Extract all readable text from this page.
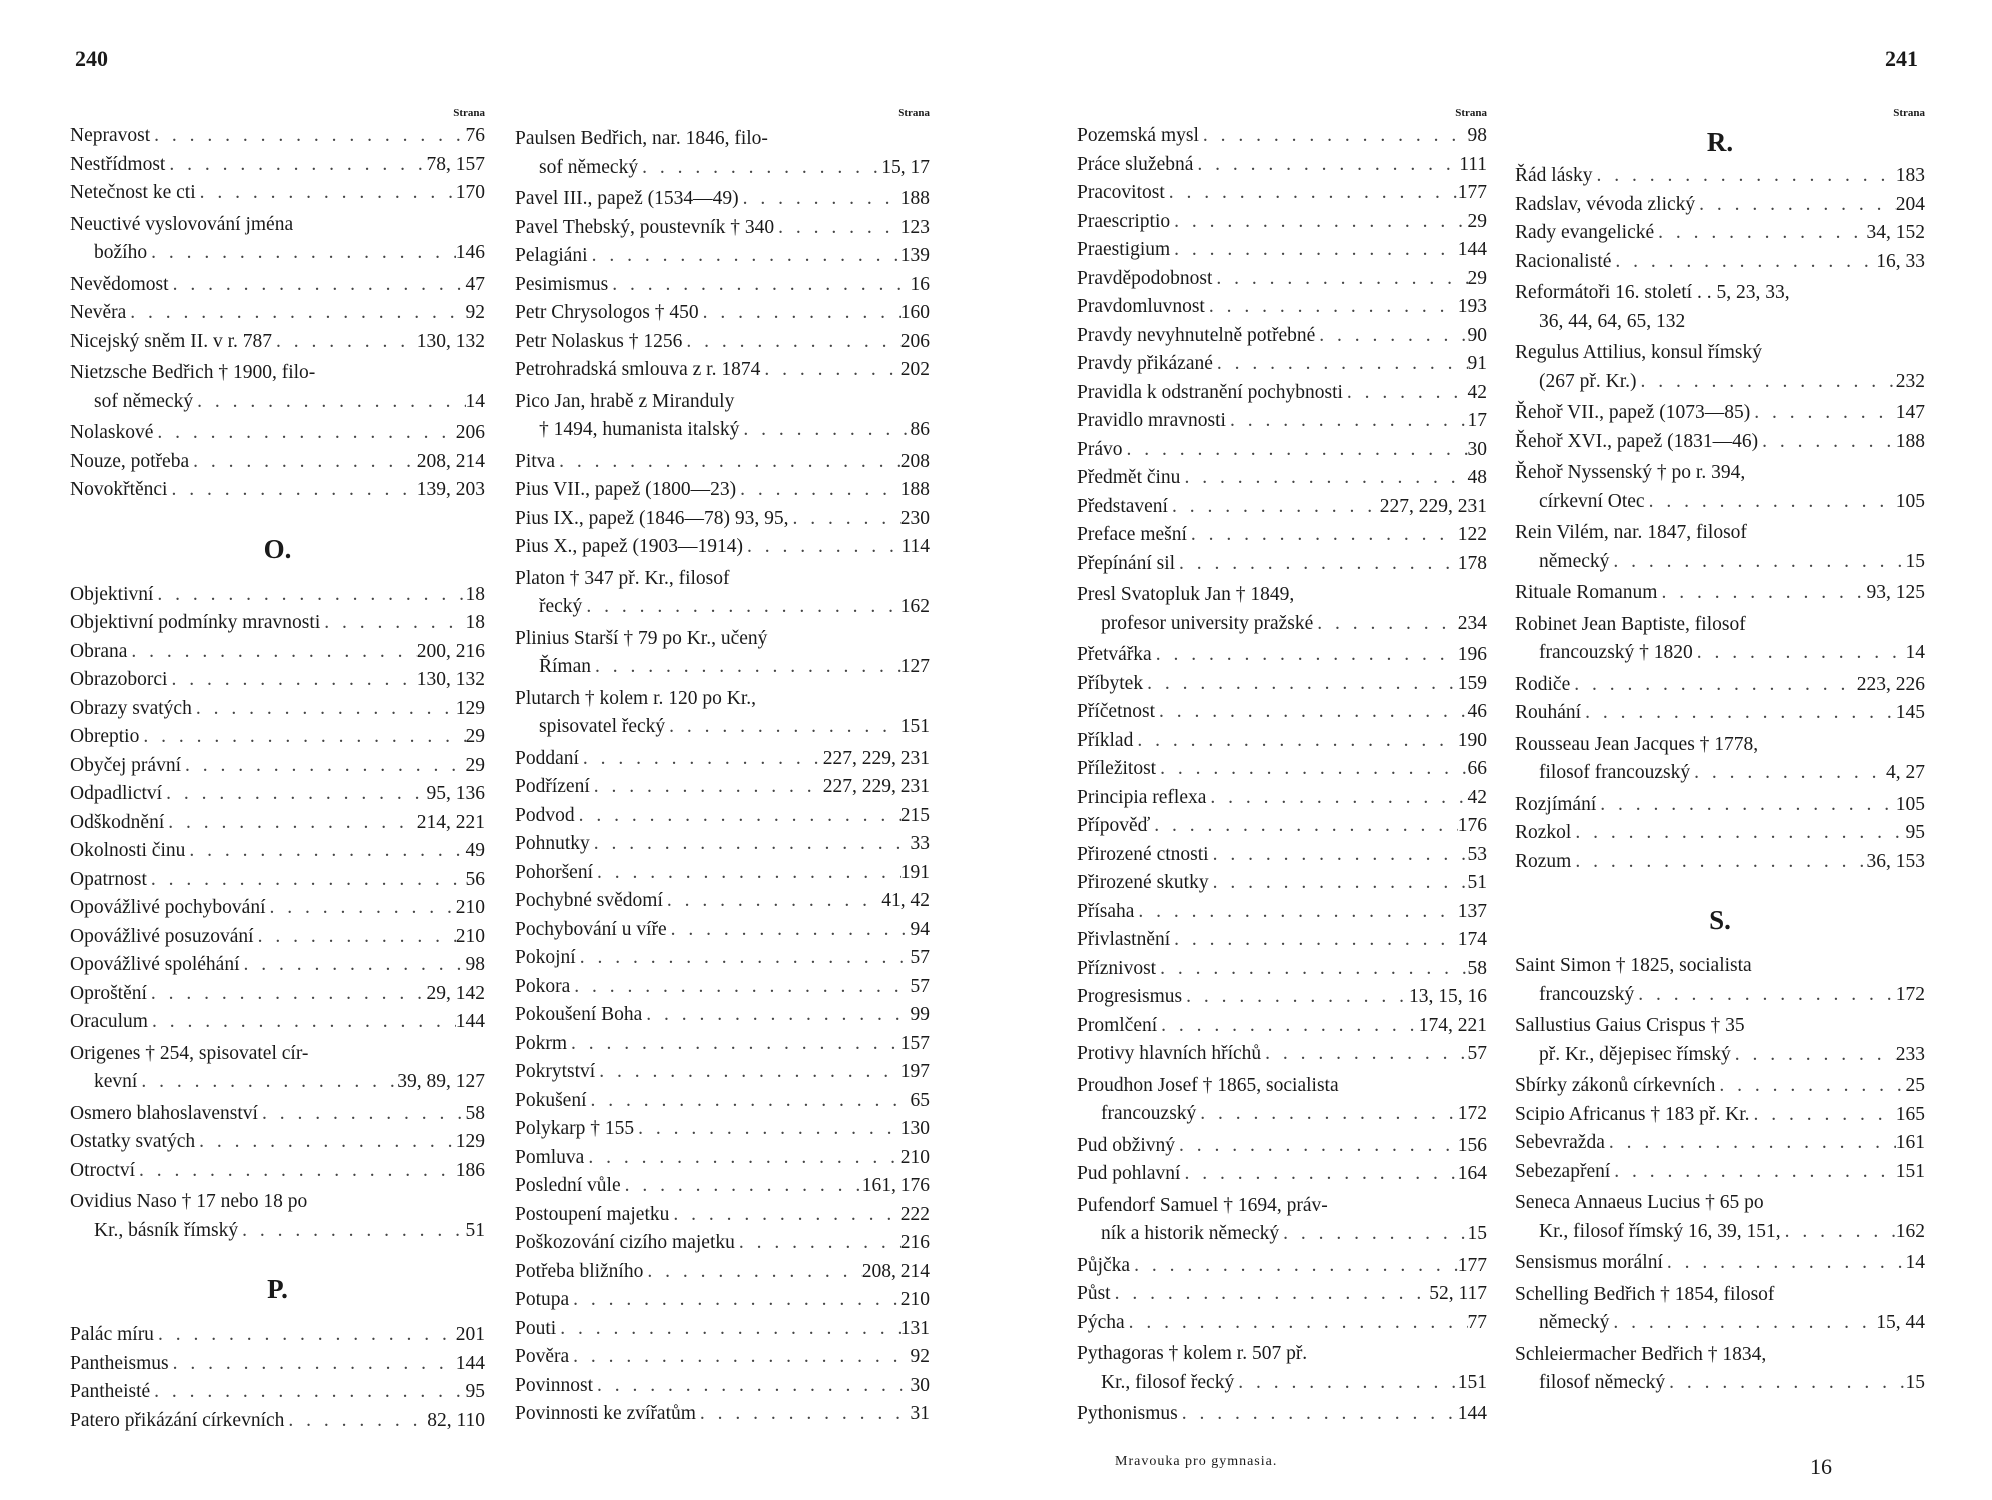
240	241
Strana
Nepravost . . .	76
Nestřídmost . . .	78, 157
Netečnost ke cti . . .	170
Neuctivé vyslovování jména
božího . . .	146
Nevědomost . . .	47
Nevěra . . .	92
Nicejský sněm II. v r. 787 . . .	130, 132
Nietzsche Bedřich † 1900, filo-
sof německý . . .	14
Nolaskové . . .	206
Nouze, potřeba . . .	208, 214
Novokřtěnci . . .	139, 203
O.
Objektivní . . .	18
Objektivní podmínky mravnosti . . .	18
Obrana . . .	200, 216
Obrazoborci . . .	130, 132
Obrazy svatých . . .	129
Obreptio . . .	29
Obyčej právní . . .	29
Odpadlictví . . .	95, 136
Odškodnění . . .	214, 221
Okolnosti činu . . .	49
Opatrnost . . .	56
Opovážlivé pochybování . . .	210
Opovážlivé posuzování . . .	210
Opovážlivé spoléhání . . .	98
Oproštění . . .	29, 142
Oraculum . . .	144
Origenes † 254, spisovatel cír-
kevní . . .	39, 89, 127
Osmero blahoslavenství . . .	58
Ostatky svatých . . .	129
Otroctví . . .	186
Ovidius Naso † 17 nebo 18 po
Kr., básník římský . . .	51
P.
Palác míru . . .	201
Pantheismus . . .	144
Pantheisté . . .	95
Patero přikázání církevních . . .	82, 110
Strana
Paulsen Bedřich, nar. 1846, filo-
sof německý . . .	15, 17
Pavel III., papež (1534—49) . . .	188
Pavel Thebský, poustevník † 340 . . .	123
Pelagiáni . . .	139
Pesimismus . . .	16
Petr Chrysologos † 450 . . .	160
Petr Nolaskus † 1256 . . .	206
Petrohradská smlouva z r. 1874 . . .	202
Pico Jan, hrabě z Miranduly
† 1494, humanista italský . . .	86
Pitva . . .	208
Pius VII., papež (1800—23) . . .	188
Pius IX., papež (1846—78) 93, 95, . . .	230
Pius X., papež (1903—1914) . . .	114
Platon † 347 př. Kr., filosof
řecký . . .	162
Plinius Starší † 79 po Kr., učený
Říman . . .	127
Plutarch † kolem r. 120 po Kr.,
spisovatel řecký . . .	151
Poddaní . . .	227, 229, 231
Podřízení . . .	227, 229, 231
Podvod . . .	215
Pohnutky . . .	33
Pohoršení . . .	191
Pochybné svědomí . . .	41, 42
Pochybování u víře . . .	94
Pokojní . . .	57
Pokora . . .	57
Pokoušení Boha . . .	99
Pokrm . . .	157
Pokrytství . . .	197
Pokušení . . .	65
Polykarp † 155 . . .	130
Pomluva . . .	210
Poslední vůle . . .	161, 176
Postoupení majetku . . .	222
Poškozování cizího majetku . . .	216
Potřeba bližního . . .	208, 214
Potupa . . .	210
Pouti . . .	131
Pověra . . .	92
Povinnost . . .	30
Povinnosti ke zvířatům . . .	31
Strana
Pozemská mysl . . .	98
Práce služebná . . .	111
Pracovitost . . .	177
Praescriptio . . .	29
Praestigium . . .	144
Pravděpodobnost . . .	29
Pravdomluvnost . . .	193
Pravdy nevyhnutelně potřebné . . .	90
Pravdy přikázané . . .	91
Pravidla k odstranění pochybnosti . . .	42
Pravidlo mravnosti . . .	17
Právo . . .	30
Předmět činu . . .	48
Představení . . .	227, 229, 231
Preface mešní . . .	122
Přepínání sil . . .	178
Presl Svatopluk Jan † 1849,
profesor university pražské . . .	234
Přetvářka . . .	196
Příbytek . . .	159
Příčetnost . . .	46
Příklad . . .	190
Příležitost . . .	66
Principia reflexa . . .	42
Přípověď . . .	176
Přirozené ctnosti . . .	53
Přirozené skutky . . .	51
Přísaha . . .	137
Přivlastnění . . .	174
Příznivost . . .	58
Progresismus . . .	13, 15, 16
Promlčení . . .	174, 221
Protivy hlavních hříchů . . .	57
Proudhon Josef † 1865, socialista
francouzský . . .	172
Pud obživný . . .	156
Pud pohlavní . . .	164
Pufendorf Samuel † 1694, práv-
ník a historik německý . . .	15
Půjčka . . .	177
Půst . . .	52, 117
Pýcha . . .	77
Pythagoras † kolem r. 507 př.
Kr., filosof řecký . . .	151
Pythonismus . . .	144
Strana
R.
Řád lásky . . .	183
Radslav, vévoda zlický . . .	204
Rady evangelické . . .	34, 152
Racionalisté . . .	16, 33
Reformátoři 16. století . . 5, 23, 33,
36, 44, 64, 65, 132
Regulus Attilius, konsul římský
(267 př. Kr.) . . .	232
Řehoř VII., papež (1073—85) . . .	147
Řehoř XVI., papež (1831—46) . . .	188
Řehoř Nyssenský † po r. 394,
církevní Otec . . .	105
Rein Vilém, nar. 1847, filosof
německý . . .	15
Rituale Romanum . . .	93, 125
Robinet Jean Baptiste, filosof
francouzský † 1820 . . .	14
Rodiče . . .	223, 226
Rouhání . . .	145
Rousseau Jean Jacques † 1778,
filosof francouzský . . .	4, 27
Rozjímání . . .	105
Rozkol . . .	95
Rozum . . .	36, 153
S.
Saint Simon † 1825, socialista
francouzský . . .	172
Sallustius Gaius Crispus † 35
př. Kr., dějepisec římský . . .	233
Sbírky zákonů církevních . . .	25
Scipio Africanus † 183 př. Kr. . . .	165
Sebevražda . . .	161
Sebezapření . . .	151
Seneca Annaeus Lucius † 65 po
Kr., filosof římský 16, 39, 151, . . .	162
Sensismus morální . . .	14
Schelling Bedřich † 1854, filosof
německý . . .	15, 44
Schleiermacher Bedřich † 1834,
filosof německý . . .	15
Mravouka pro gymnasia.	16
